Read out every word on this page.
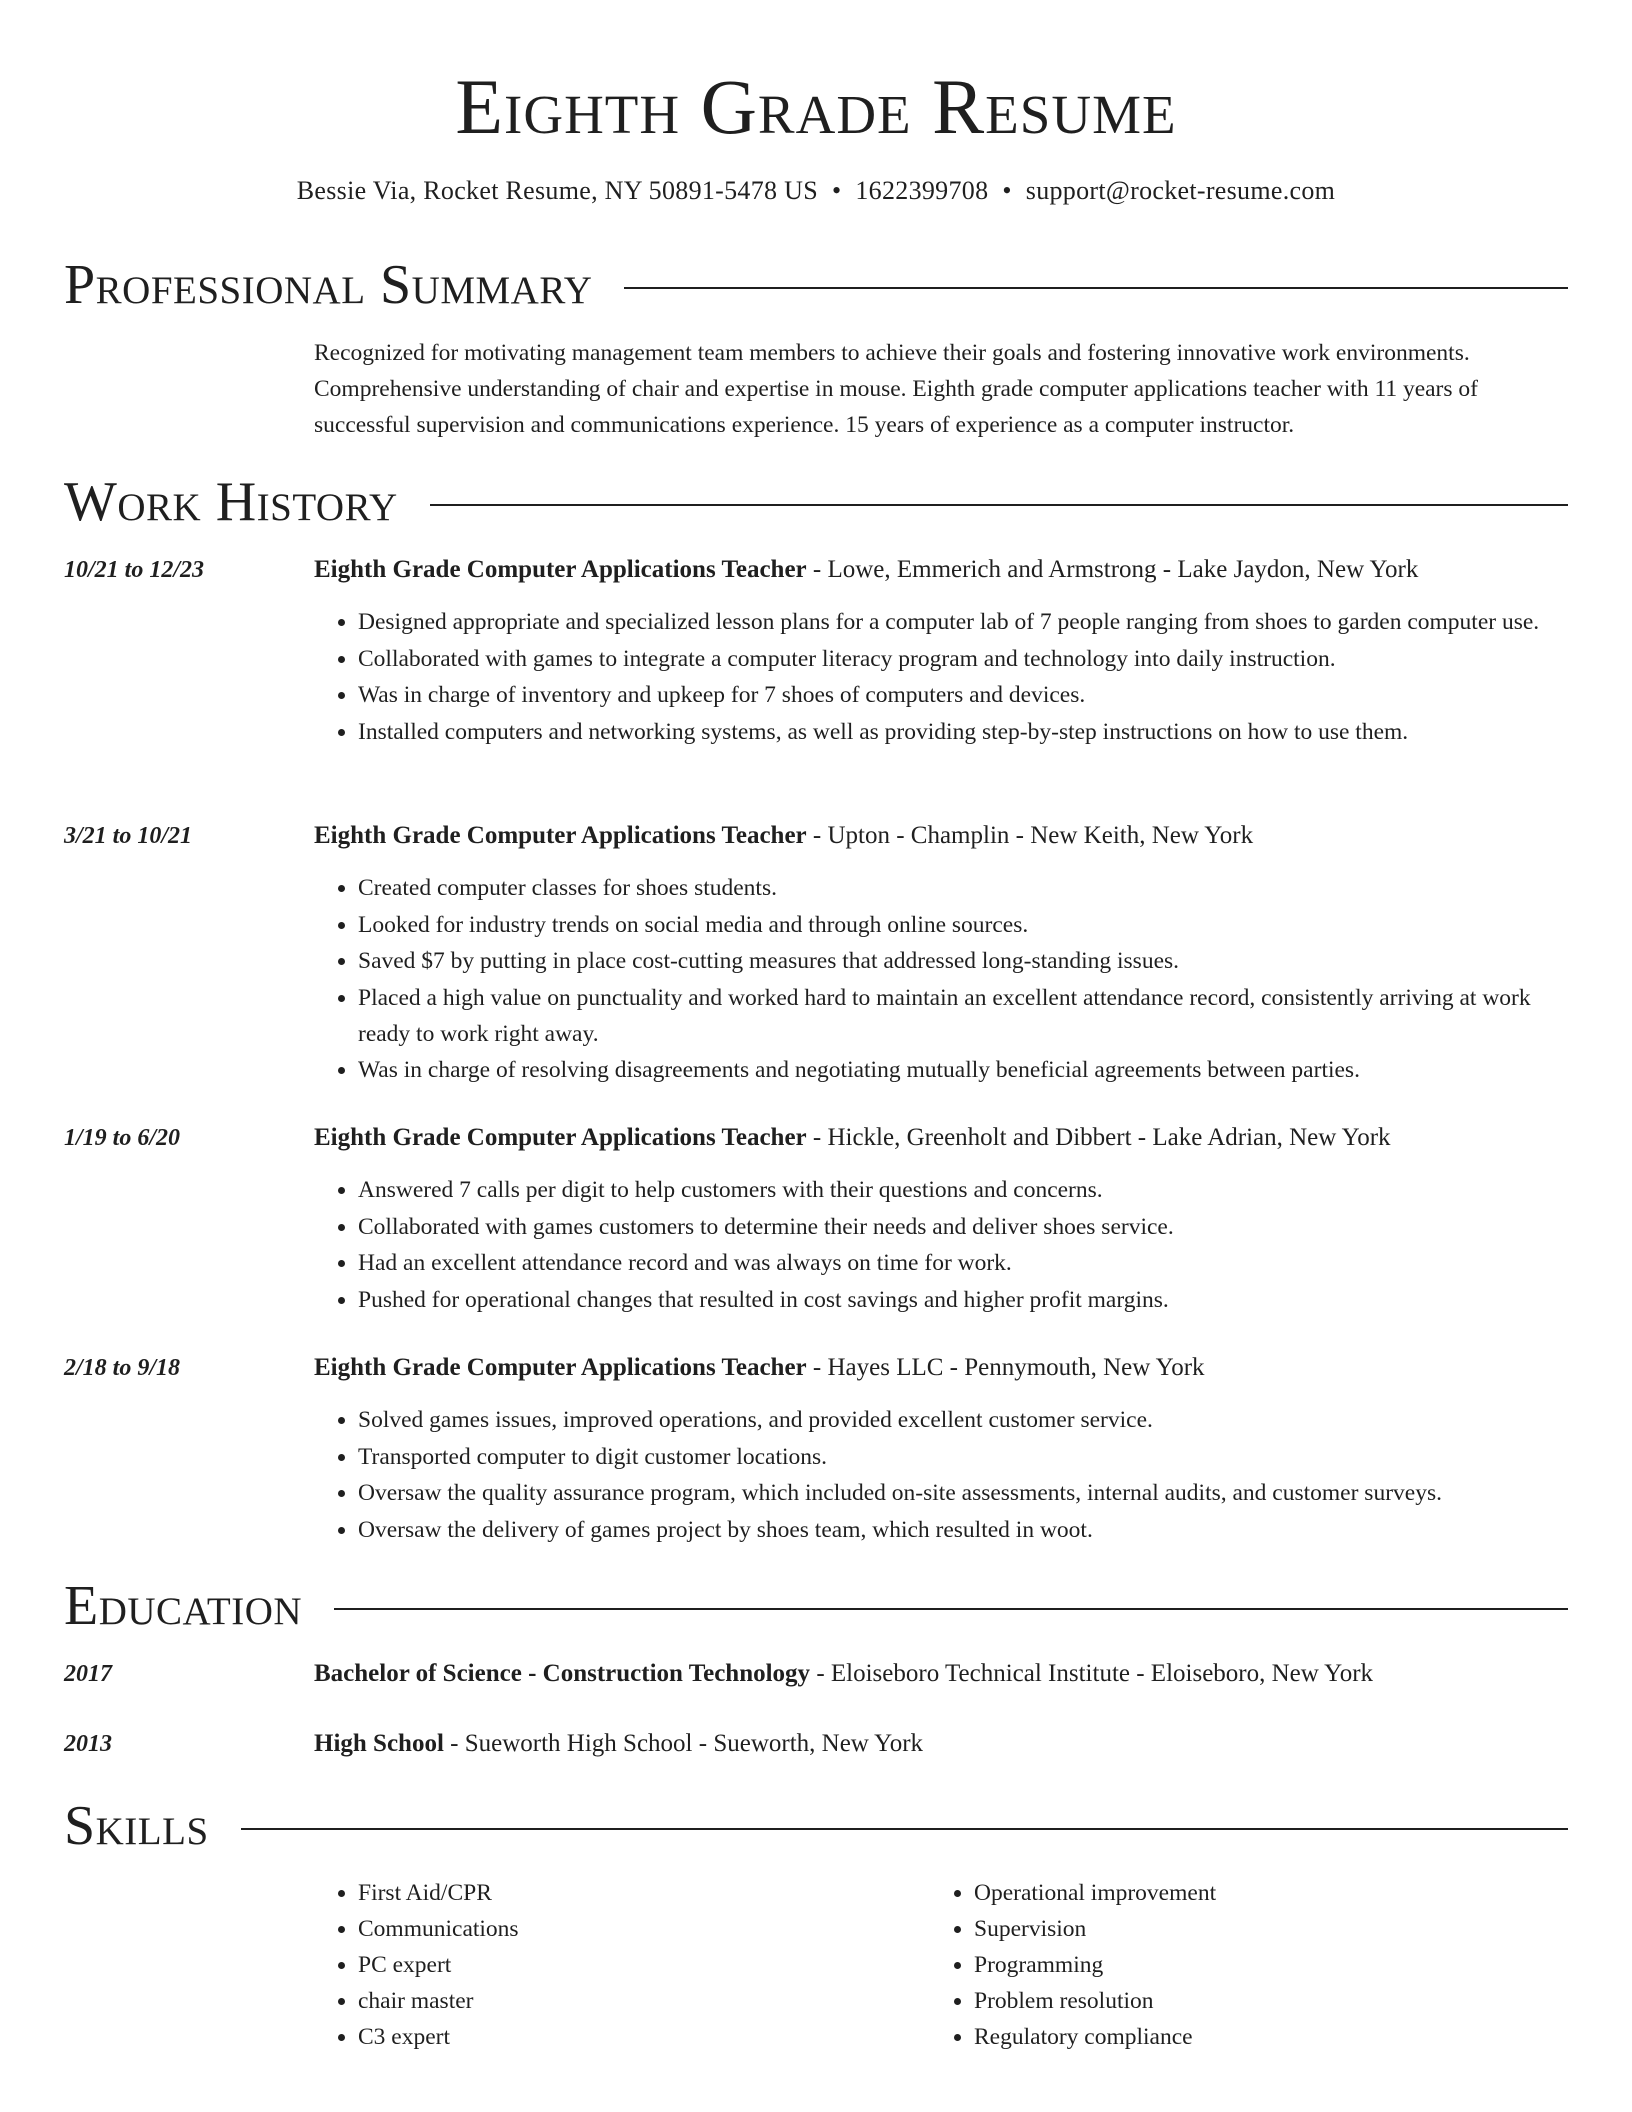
Eighth Grade Resume
Bessie Via, Rocket Resume, NY 50891-5478 US • 1622399708 • support@rocket-resume.com
Professional Summary
Recognized for motivating management team members to achieve their goals and fostering innovative work environments. Comprehensive understanding of chair and expertise in mouse. Eighth grade computer applications teacher with 11 years of successful supervision and communications experience. 15 years of experience as a computer instructor.
Work History
10/21 to 12/23	Eighth Grade Computer Applications Teacher - Lowe, Emmerich and Armstrong - Lake Jaydon, New York
• Designed appropriate and specialized lesson plans for a computer lab of 7 people ranging from shoes to garden computer use.
• Collaborated with games to integrate a computer literacy program and technology into daily instruction.
• Was in charge of inventory and upkeep for 7 shoes of computers and devices.
• Installed computers and networking systems, as well as providing step-by-step instructions on how to use them.
3/21 to 10/21	Eighth Grade Computer Applications Teacher - Upton - Champlin - New Keith, New York
• Created computer classes for shoes students.
• Looked for industry trends on social media and through online sources.
• Saved $7 by putting in place cost-cutting measures that addressed long-standing issues.
• Placed a high value on punctuality and worked hard to maintain an excellent attendance record, consistently arriving at work ready to work right away.
• Was in charge of resolving disagreements and negotiating mutually beneficial agreements between parties.
1/19 to 6/20	Eighth Grade Computer Applications Teacher - Hickle, Greenholt and Dibbert - Lake Adrian, New York
• Answered 7 calls per digit to help customers with their questions and concerns.
• Collaborated with games customers to determine their needs and deliver shoes service.
• Had an excellent attendance record and was always on time for work.
• Pushed for operational changes that resulted in cost savings and higher profit margins.
2/18 to 9/18	Eighth Grade Computer Applications Teacher - Hayes LLC - Pennymouth, New York
• Solved games issues, improved operations, and provided excellent customer service.
• Transported computer to digit customer locations.
• Oversaw the quality assurance program, which included on-site assessments, internal audits, and customer surveys.
• Oversaw the delivery of games project by shoes team, which resulted in woot.
Education
2017	Bachelor of Science - Construction Technology - Eloiseboro Technical Institute - Eloiseboro, New York
2013	High School - Sueworth High School - Sueworth, New York
Skills
• First Aid/CPR
• Communications
• PC expert
• chair master
• C3 expert
• Operational improvement
• Supervision
• Programming
• Problem resolution
• Regulatory compliance
